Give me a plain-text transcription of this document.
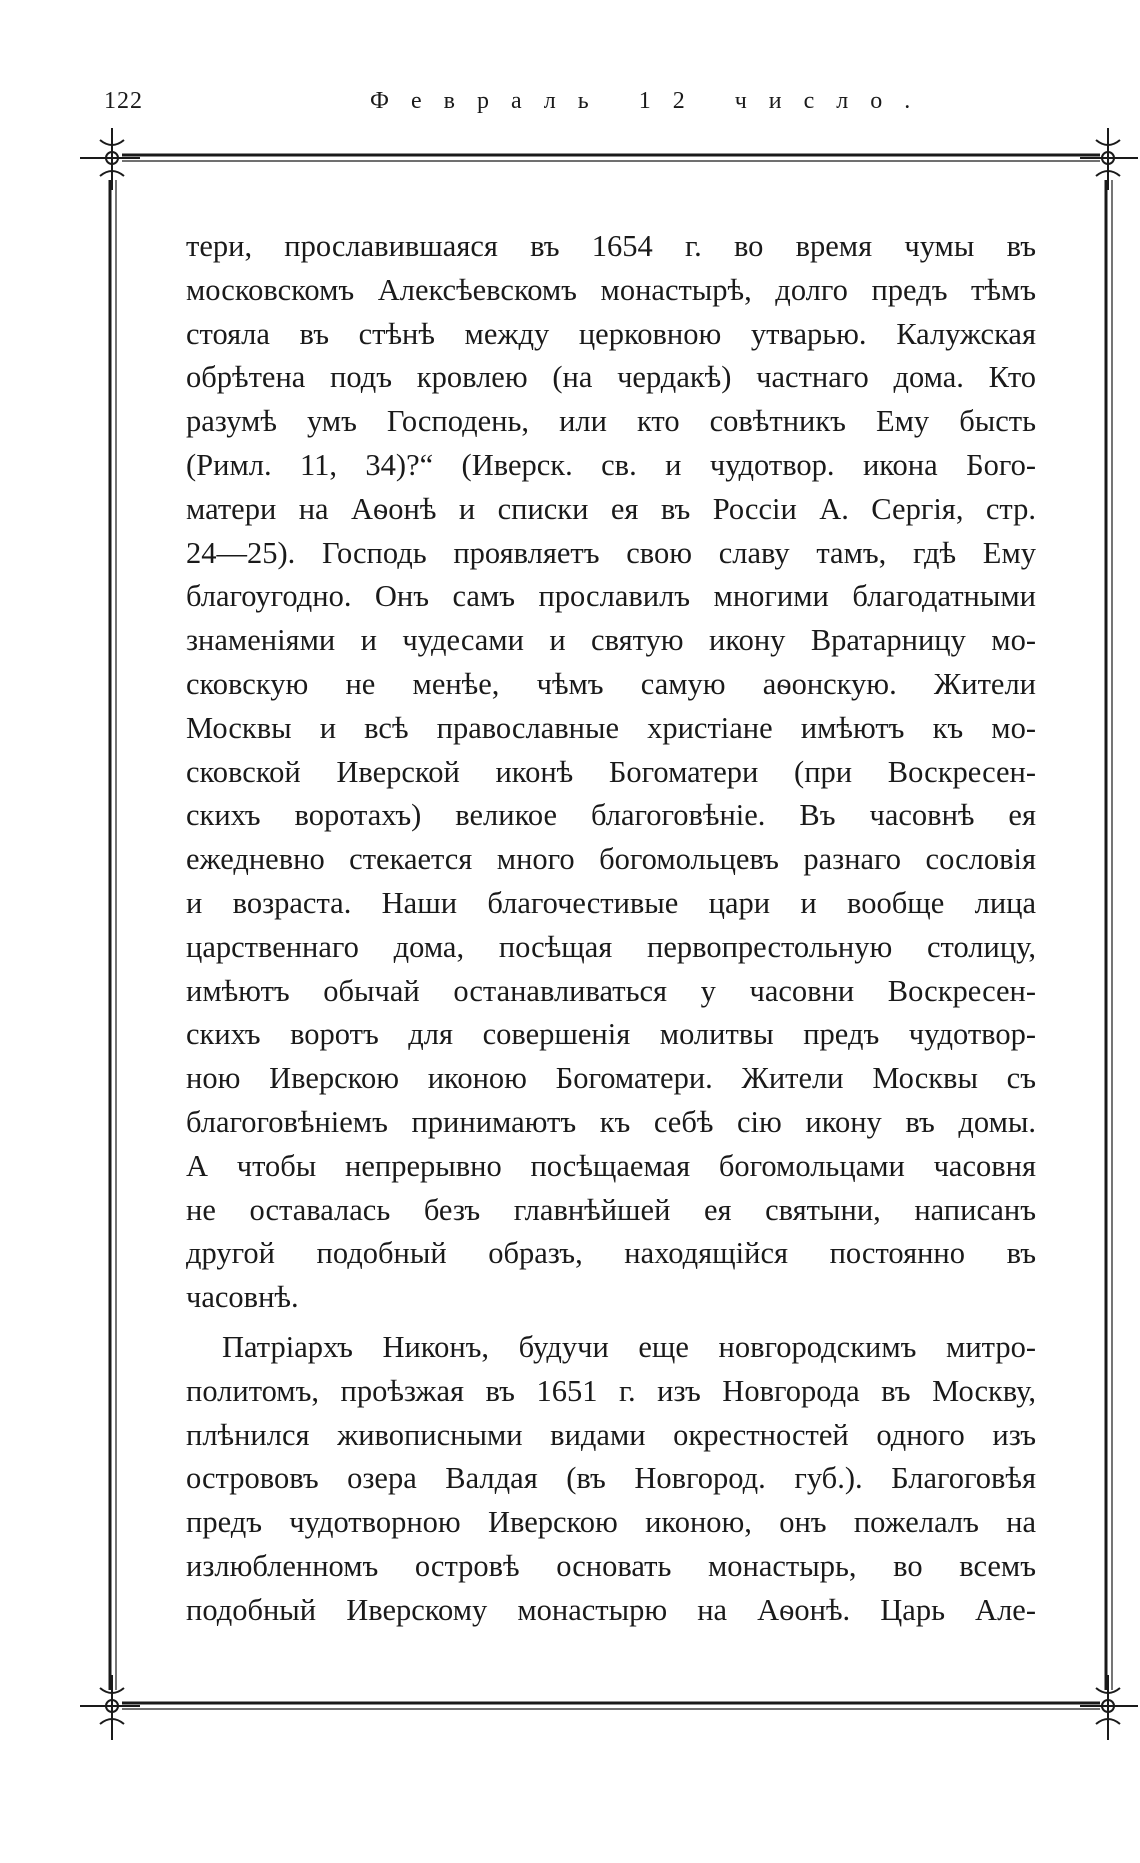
122	Февраль 12 число.
тери, прославившаяся въ 1654 г. во время чумы въ
московскомъ Алексѣевскомъ монастырѣ, долго предъ тѣмъ
стояла въ стѣнѣ между церковною утварью. Калужская
обрѣтена подъ кровлею (на чердакѣ) частнаго дома. Кто
разумѣ умъ Господень, или кто совѣтникъ Ему бысть
(Римл. 11, 34)?“ (Иверск. св. и чудотвор. икона Бого-
матери на Аѳонѣ и списки ея въ Россіи А. Сергія, стр.
24—25). Господь проявляетъ свою славу тамъ, гдѣ Ему
благоугодно. Онъ самъ прославилъ многими благодатными
знаменіями и чудесами и святую икону Вратарницу мо-
сковскую не менѣе, чѣмъ самую аѳонскую. Жители
Москвы и всѣ православные христіане имѣютъ къ мо-
сковской Иверской иконѣ Богоматери (при Воскресен-
скихъ воротахъ) великое благоговѣніе. Въ часовнѣ ея
ежедневно стекается много богомольцевъ разнаго сословія
и возраста. Наши благочестивые цари и вообще лица
царственнаго дома, посѣщая первопрестольную столицу,
имѣютъ обычай останавливаться у часовни Воскресен-
скихъ воротъ для совершенія молитвы предъ чудотвор-
ною Иверскою иконою Богоматери. Жители Москвы съ
благоговѣніемъ принимаютъ къ себѣ сію икону въ домы.
А чтобы непрерывно посѣщаемая богомольцами часовня
не оставалась безъ главнѣйшей ея святыни, написанъ
другой подобный образъ, находящійся постоянно въ
часовнѣ.
Патріархъ Никонъ, будучи еще новгородскимъ митро-
политомъ, проѣзжая въ 1651 г. изъ Новгорода въ Москву,
плѣнился живописными видами окрестностей одного изъ
острововъ озера Валдая (въ Новгород. губ.). Благоговѣя
предъ чудотворною Иверскою иконою, онъ пожелалъ на
излюбленномъ островѣ основать монастырь, во всемъ
подобный Иверскому монастырю на Аѳонѣ. Царь Але-
